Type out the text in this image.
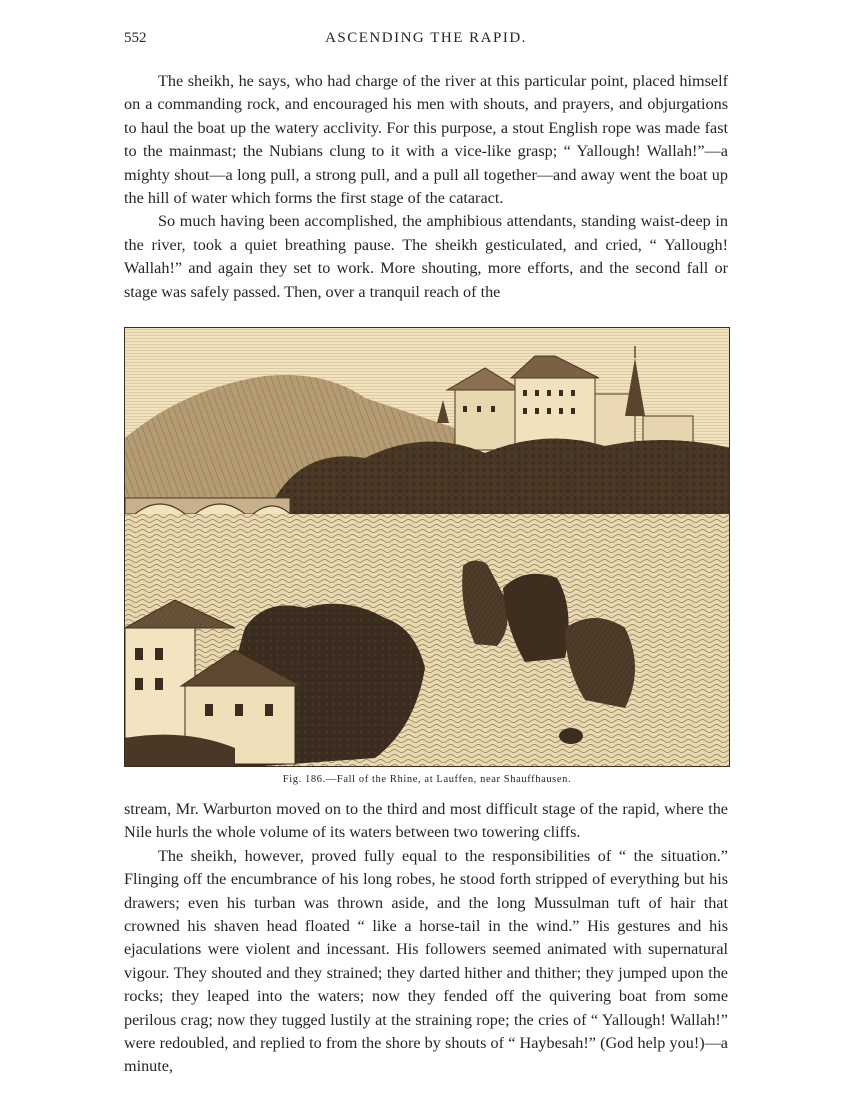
552	ASCENDING THE RAPID.

The sheikh, he says, who had charge of the river at this particular point, placed himself on a commanding rock, and encouraged his men with shouts, and prayers, and objurgations to haul the boat up the watery acclivity. For this purpose, a stout English rope was made fast to the mainmast; the Nubians clung to it with a vice-like grasp; “ Yallough! Wallah!”—a mighty shout—a long pull, a strong pull, and a pull all together—and away went the boat up the hill of water which forms the first stage of the cataract.

So much having been accomplished, the amphibious attendants, standing waist-deep in the river, took a quiet breathing pause. The sheikh gesticulated, and cried, “ Yallough! Wallah!” and again they set to work. More shouting, more efforts, and the second fall or stage was safely passed. Then, over a tranquil reach of the

Fig. 186.—Fall of the Rhine, at Lauffen, near Shauffhausen.

stream, Mr. Warburton moved on to the third and most difficult stage of the rapid, where the Nile hurls the whole volume of its waters between two towering cliffs.

The sheikh, however, proved fully equal to the responsibilities of “ the situation.” Flinging off the encumbrance of his long robes, he stood forth stripped of everything but his drawers; even his turban was thrown aside, and the long Mussulman tuft of hair that crowned his shaven head floated “ like a horse-tail in the wind.” His gestures and his ejaculations were violent and incessant. His followers seemed animated with supernatural vigour. They shouted and they strained; they darted hither and thither; they jumped upon the rocks; they leaped into the waters; now they fended off the quivering boat from some perilous crag; now they tugged lustily at the straining rope; the cries of “ Yallough! Wallah!” were redoubled, and replied to from the shore by shouts of “ Haybesah!” (God help you!)—a minute,
